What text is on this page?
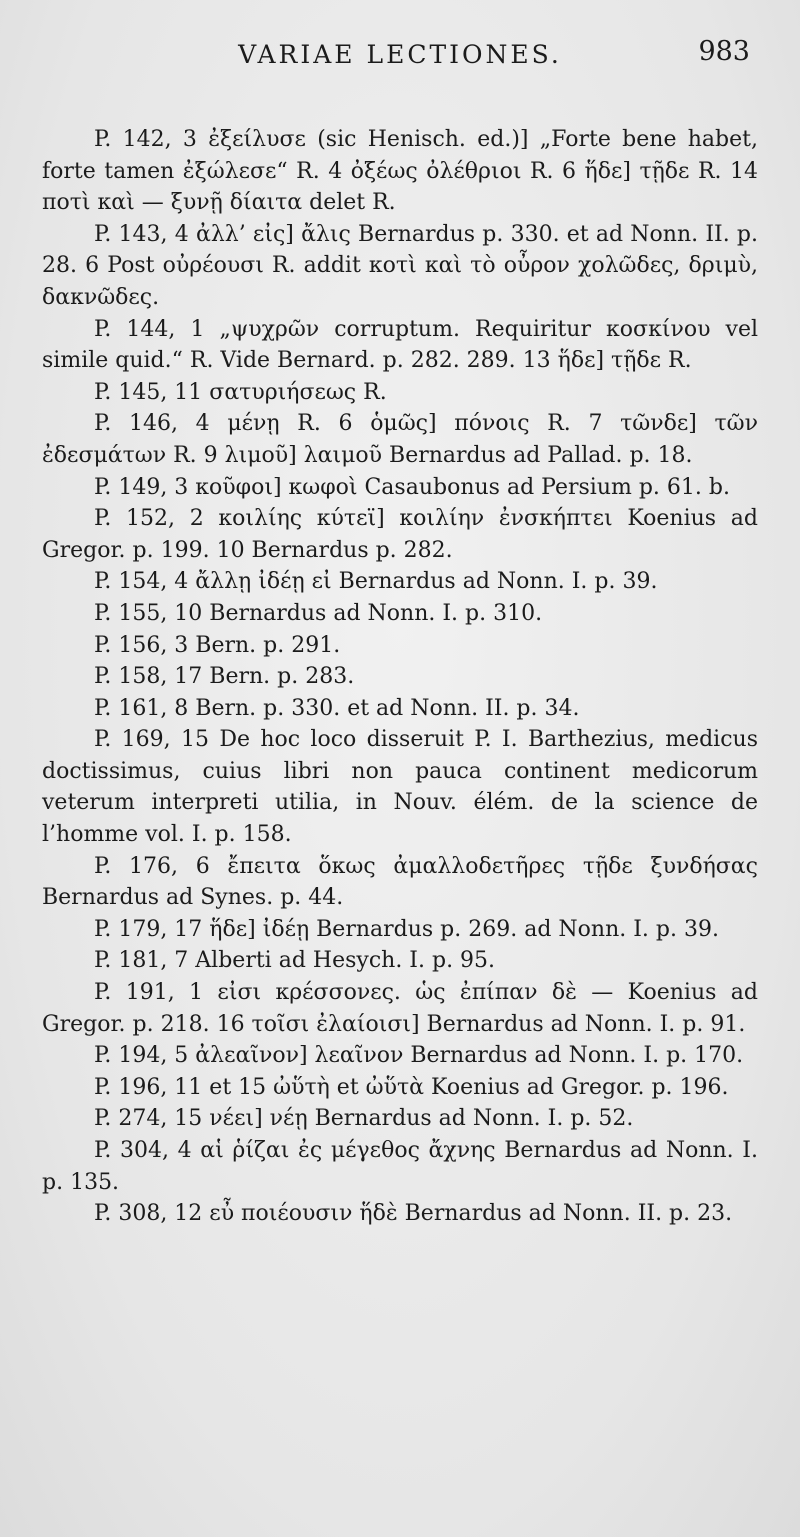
VARIAE LECTIONES.	983

P. 142, 3 ἐξείλυσε (sic Henisch. ed.)] „Forte bene habet, forte tamen ἐξώλεσε“ R. 4 ὀξέως ὀλέθριοι R. 6 ἥδε] τῇδε R. 14 ποτὶ καὶ — ξυνῇ δίαιτα delet R.

P. 143, 4 ἀλλ’ εἰς] ἄλις Bernardus p. 330. et ad Nonn. II. p. 28. 6 Post οὐρέουσι R. addit κοτὶ καὶ τὸ οὖρον χολῶδες, δριμὺ, δακνῶδες.

P. 144, 1 „ψυχρῶν corruptum. Requiritur κοσκίνου vel simile quid.“ R. Vide Bernard. p. 282. 289. 13 ἥδε] τῇδε R.

P. 145, 11 σατυριήσεως R.

P. 146, 4 μένῃ R. 6 ὁμῶς] πόνοις R. 7 τῶνδε] τῶν ἐδεσμάτων R. 9 λιμοῦ] λαιμοῦ Bernardus ad Pallad. p. 18.

P. 149, 3 κοῦφοι] κωφοὶ Casaubonus ad Persium p. 61. b.

P. 152, 2 κοιλίης κύτεϊ] κοιλίην ἐνσκήπτει Koenius ad Gregor. p. 199. 10 Bernardus p. 282.

P. 154, 4 ἄλλῃ ἰδέῃ εἰ Bernardus ad Nonn. I. p. 39.

P. 155, 10 Bernardus ad Nonn. I. p. 310.

P. 156, 3 Bern. p. 291.

P. 158, 17 Bern. p. 283.

P. 161, 8 Bern. p. 330. et ad Nonn. II. p. 34.

P. 169, 15 De hoc loco disseruit P. I. Barthezius, medicus doctissimus, cuius libri non pauca continent medicorum veterum interpreti utilia, in Nouv. élém. de la science de l’homme vol. I. p. 158.

P. 176, 6 ἔπειτα ὅκως ἀμαλλοδετῆρες τῇδε ξυνδήσας Bernardus ad Synes. p. 44.

P. 179, 17 ἥδε] ἰδέῃ Bernardus p. 269. ad Nonn. I. p. 39.

P. 181, 7 Alberti ad Hesych. I. p. 95.

P. 191, 1 εἰσι κρέσσονες. ὡς ἐπίπαν δὲ — Koenius ad Gregor. p. 218. 16 τοῖσι ἐλαίοισι] Bernardus ad Nonn. I. p. 91.

P. 194, 5 ἀλεαῖνον] λεαῖνον Bernardus ad Nonn. I. p. 170.

P. 196, 11 et 15 ὠὕτὴ et ὠὕτὰ Koenius ad Gregor. p. 196.

P. 274, 15 νέει] νέῃ Bernardus ad Nonn. I. p. 52.

P. 304, 4 αἱ ῥίζαι ἐς μέγεθος ἄχνης Bernardus ad Nonn. I. p. 135.

P. 308, 12 εὖ ποιέουσιν ἥδὲ Bernardus ad Nonn. II. p. 23.
